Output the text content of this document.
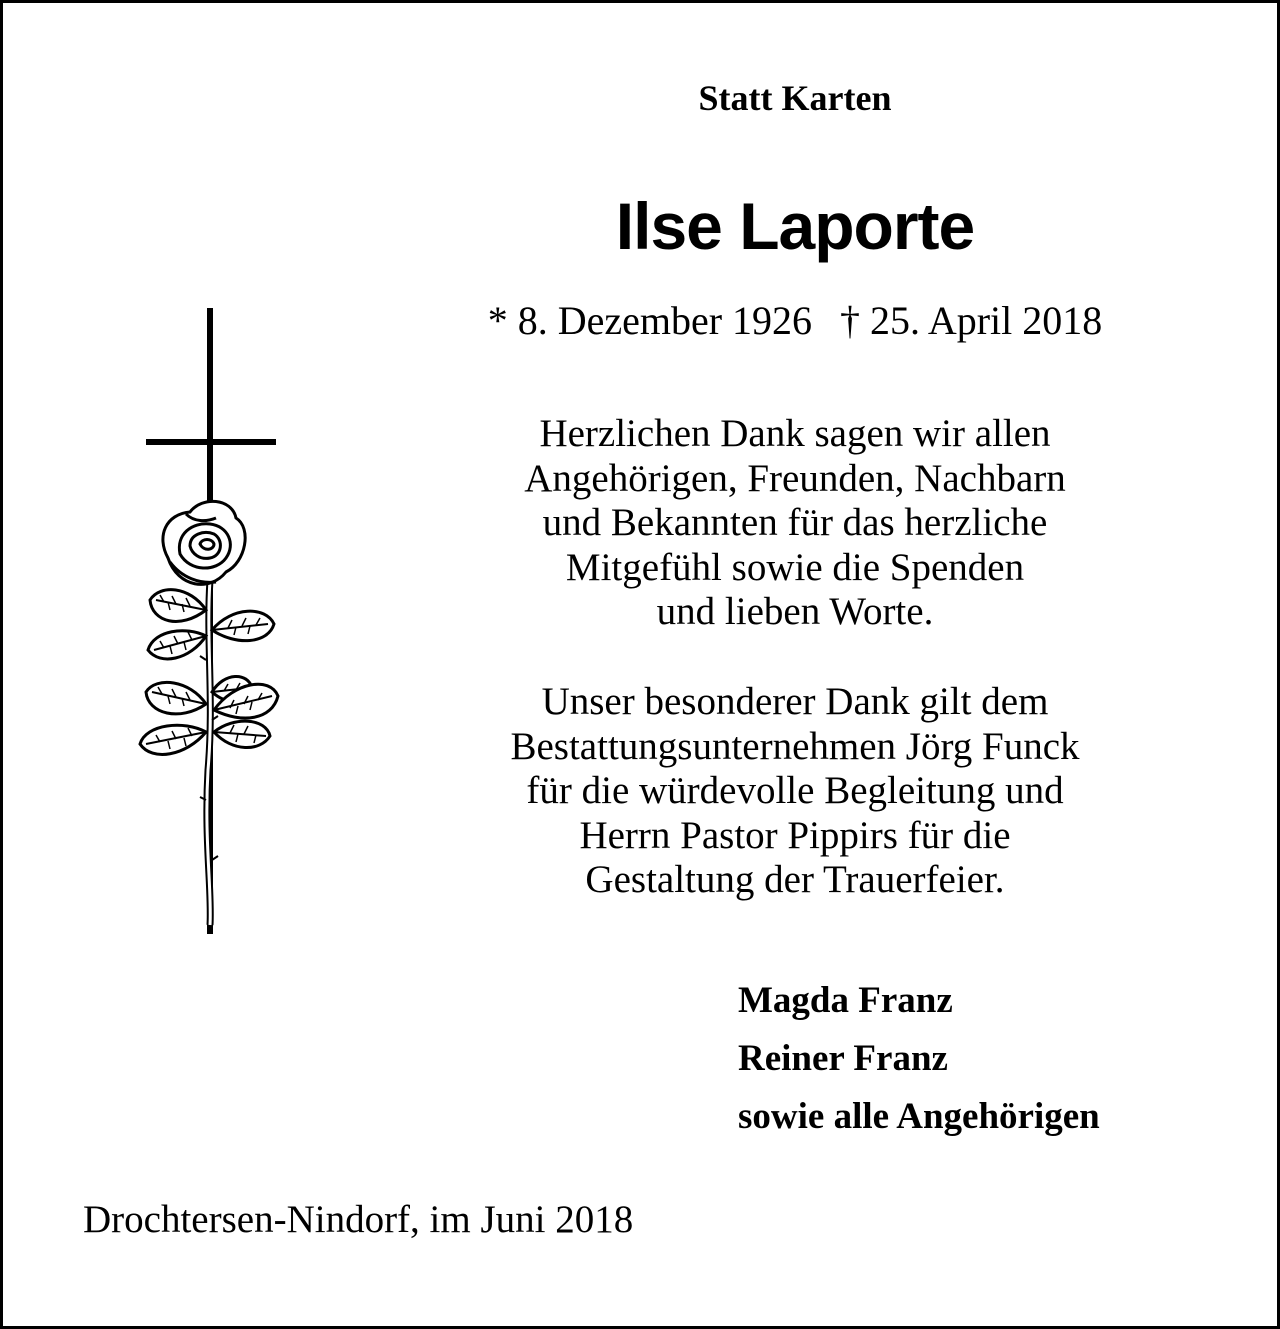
Statt Karten
Ilse Laporte
* 8. Dezember 1926 † 25. April 2018
Herzlichen Dank sagen wir allen
Angehörigen, Freunden, Nachbarn
und Bekannten für das herzliche
Mitgefühl sowie die Spenden
und lieben Worte.
Unser besonderer Dank gilt dem
Bestattungsunternehmen Jörg Funck
für die würdevolle Begleitung und
Herrn Pastor Pippirs für die
Gestaltung der Trauerfeier.
Magda Franz
Reiner Franz
sowie alle Angehörigen
Drochtersen-Nindorf, im Juni 2018
